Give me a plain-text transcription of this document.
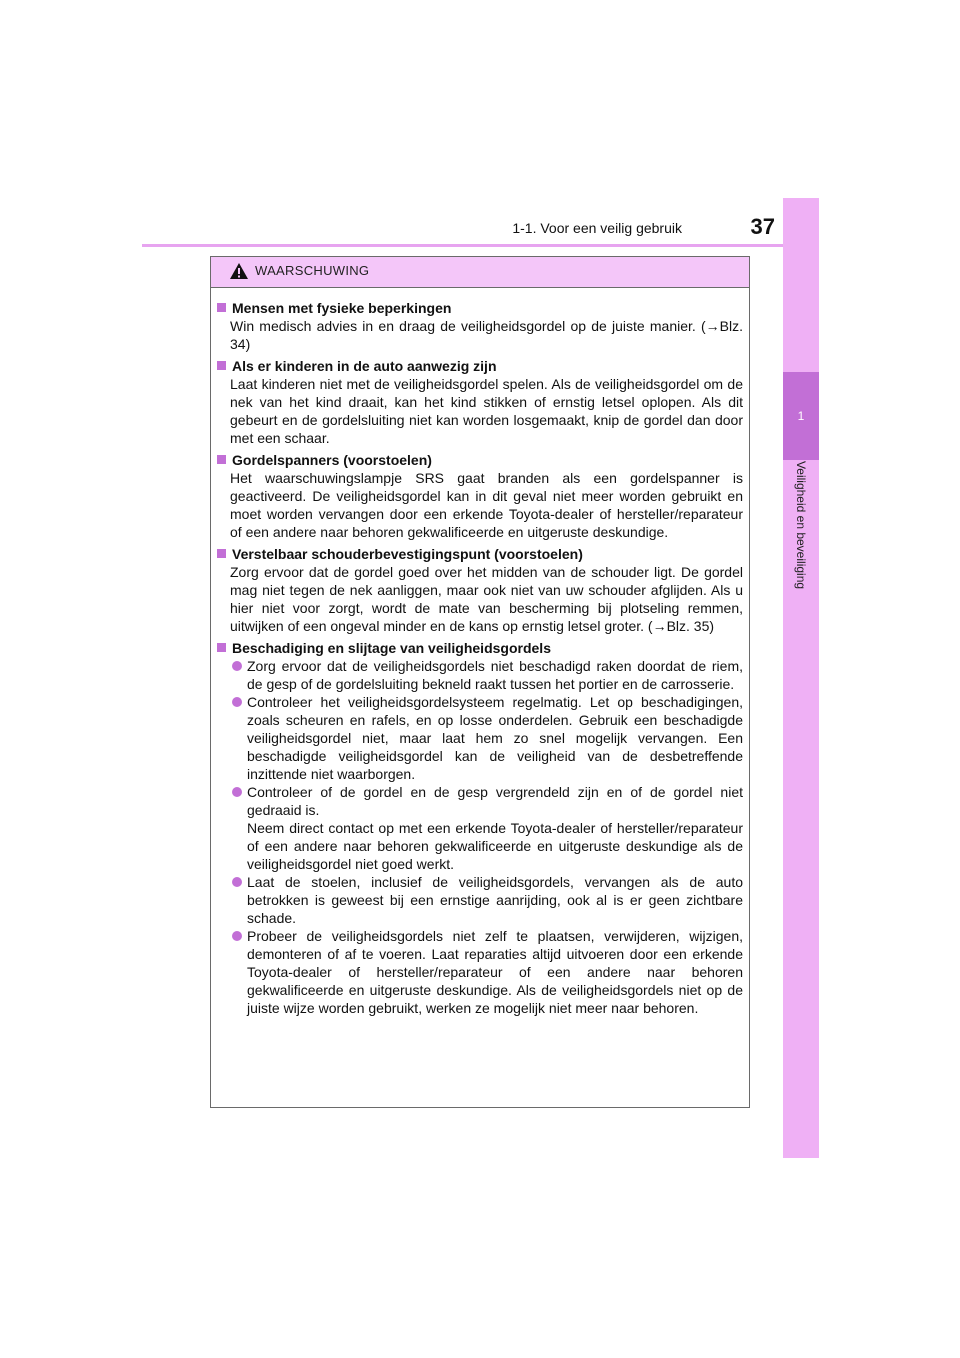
37
1-1. Voor een veilig gebruik
1
Veiligheid en beveiliging
WAARSCHUWING
Mensen met fysieke beperkingen
Win medisch advies in en draag de veiligheidsgordel op de juiste manier. (→Blz. 34)
Als er kinderen in de auto aanwezig zijn
Laat kinderen niet met de veiligheidsgordel spelen. Als de veiligheidsgordel om de nek van het kind draait, kan het kind stikken of ernstig letsel oplopen. Als dit gebeurt en de gordelsluiting niet kan worden losgemaakt, knip de gordel dan door met een schaar.
Gordelspanners (voorstoelen)
Het waarschuwingslampje SRS gaat branden als een gordelspanner is geactiveerd. De veiligheidsgordel kan in dit geval niet meer worden gebruikt en moet worden vervangen door een erkende Toyota-dealer of hersteller/reparateur of een andere naar behoren gekwalificeerde en uitgeruste deskundige.
Verstelbaar schouderbevestigingspunt (voorstoelen)
Zorg ervoor dat de gordel goed over het midden van de schouder ligt. De gordel mag niet tegen de nek aanliggen, maar ook niet van uw schouder afglijden. Als u hier niet voor zorgt, wordt de mate van bescherming bij plotseling remmen, uitwijken of een ongeval minder en de kans op ernstig letsel groter. (→Blz. 35)
Beschadiging en slijtage van veiligheidsgordels
Zorg ervoor dat de veiligheidsgordels niet beschadigd raken doordat de riem, de gesp of de gordelsluiting bekneld raakt tussen het portier en de carrosserie.
Controleer het veiligheidsgordelsysteem regelmatig. Let op beschadigingen, zoals scheuren en rafels, en op losse onderdelen. Gebruik een beschadigde veiligheidsgordel niet, maar laat hem zo snel mogelijk vervangen. Een beschadigde veiligheidsgordel kan de veiligheid van de desbetreffende inzittende niet waarborgen.
Controleer of de gordel en de gesp vergrendeld zijn en of de gordel niet gedraaid is.
Neem direct contact op met een erkende Toyota-dealer of hersteller/reparateur of een andere naar behoren gekwalificeerde en uitgeruste deskundige als de veiligheidsgordel niet goed werkt.
Laat de stoelen, inclusief de veiligheidsgordels, vervangen als de auto betrokken is geweest bij een ernstige aanrijding, ook al is er geen zichtbare schade.
Probeer de veiligheidsgordels niet zelf te plaatsen, verwijderen, wijzigen, demonteren of af te voeren. Laat reparaties altijd uitvoeren door een erkende Toyota-dealer of hersteller/reparateur of een andere naar behoren gekwalificeerde en uitgeruste deskundige. Als de veiligheidsgordels niet op de juiste wijze worden gebruikt, werken ze mogelijk niet meer naar behoren.
